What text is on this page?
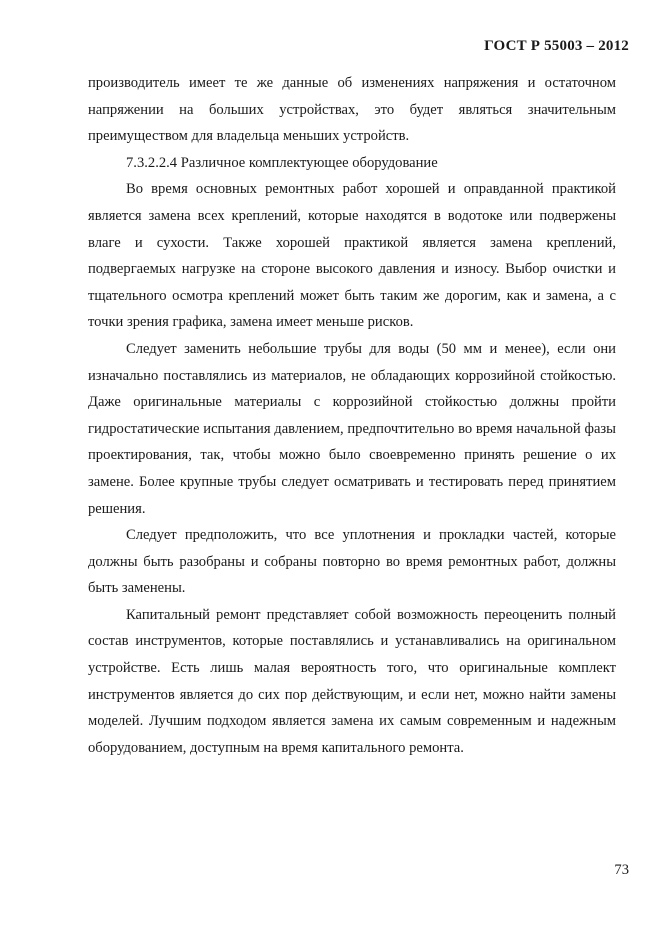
ГОСТ Р 55003 – 2012

производитель имеет те же данные об изменениях напряжения и остаточном напряжении на больших устройствах, это будет являться значительным преимуществом для владельца меньших устройств.

7.3.2.2.4 Различное комплектующее оборудование

Во время основных ремонтных работ хорошей и оправданной практикой является замена всех креплений, которые находятся в водотоке или подвержены влаге и сухости. Также хорошей практикой является замена креплений, подвергаемых нагрузке на стороне высокого давления и износу. Выбор очистки и тщательного осмотра креплений может быть таким же дорогим, как и замена, а с точки зрения графика, замена имеет меньше рисков.

Следует заменить небольшие трубы для воды (50 мм и менее), если они изначально поставлялись из материалов, не обладающих коррозийной стойкостью. Даже оригинальные материалы с коррозийной стойкостью должны пройти гидростатические испытания давлением, предпочтительно во время начальной фазы проектирования, так, чтобы можно было своевременно принять решение о их замене. Более крупные трубы следует осматривать и тестировать перед принятием решения.

Следует предположить, что все уплотнения и прокладки частей, которые должны быть разобраны и собраны повторно во время ремонтных работ, должны быть заменены.

Капитальный ремонт представляет собой возможность переоценить полный состав инструментов, которые поставлялись и устанавливались на оригинальном устройстве. Есть лишь малая вероятность того, что оригинальные комплект инструментов является до сих пор действующим, и если нет, можно найти замены моделей. Лучшим подходом является замена их самым современным и надежным оборудованием, доступным на время капитального ремонта.

73
